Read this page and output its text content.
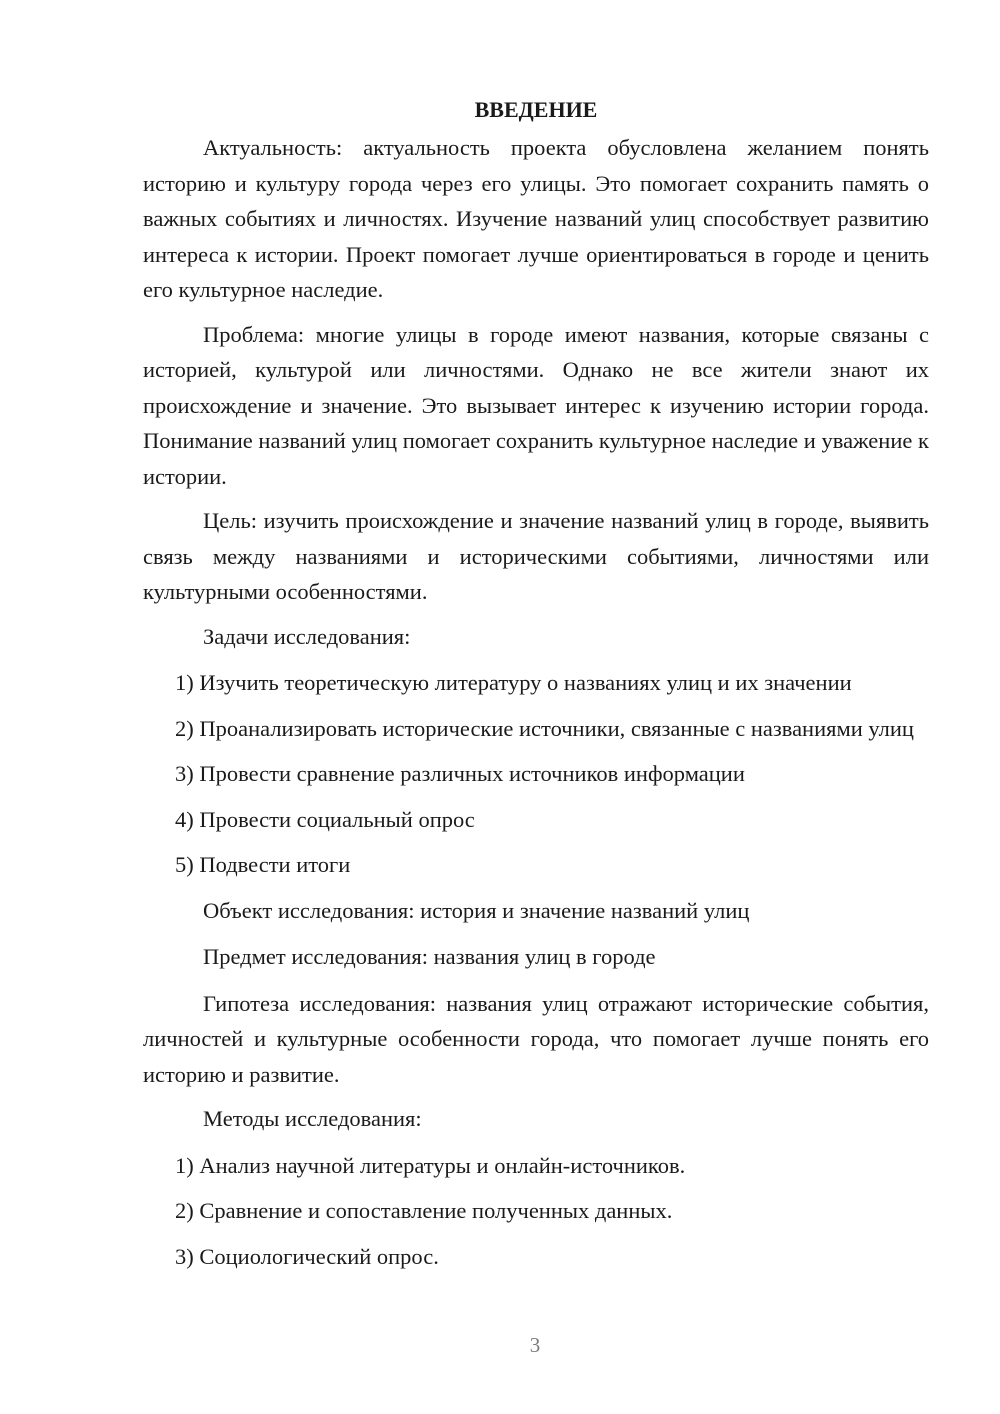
ВВЕДЕНИЕ

Актуальность: актуальность проекта обусловлена желанием понять историю и культуру города через его улицы. Это помогает сохранить память о важных событиях и личностях. Изучение названий улиц способствует развитию интереса к истории. Проект помогает лучше ориентироваться в городе и ценить его культурное наследие.

Проблема: многие улицы в городе имеют названия, которые связаны с историей, культурой или личностями. Однако не все жители знают их происхождение и значение. Это вызывает интерес к изучению истории города. Понимание названий улиц помогает сохранить культурное наследие и уважение к истории.

Цель: изучить происхождение и значение названий улиц в городе, выявить связь между названиями и историческими событиями, личностями или культурными особенностями.

Задачи исследования:

1) Изучить теоретическую литературу о названиях улиц и их значении

2) Проанализировать исторические источники, связанные с названиями улиц

3) Провести сравнение различных источников информации

4) Провести социальный опрос

5) Подвести итоги

Объект исследования: история и значение названий улиц

Предмет исследования: названия улиц в городе

Гипотеза исследования: названия улиц отражают исторические события, личностей и культурные особенности города, что помогает лучше понять его историю и развитие.

Методы исследования:

1) Анализ научной литературы и онлайн-источников.

2) Сравнение и сопоставление полученных данных.

3) Социологический опрос.

3
